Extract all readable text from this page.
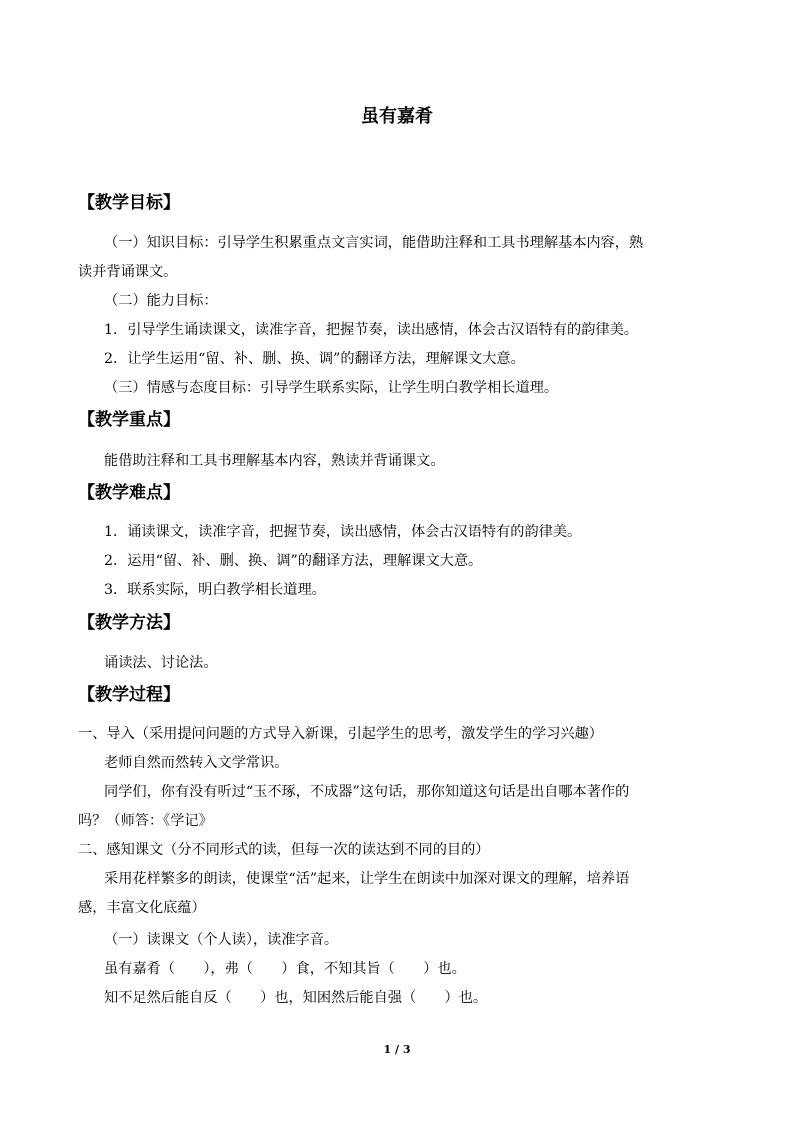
虽有嘉肴
【教学目标】
（一）知识目标：引导学生积累重点文言实词，能借助注释和工具书理解基本内容，熟
读并背诵课文。
（二）能力目标：
1．引导学生诵读课文，读准字音，把握节奏，读出感情，体会古汉语特有的韵律美。
2．让学生运用“留、补、删、换、调”的翻译方法，理解课文大意。
（三）情感与态度目标：引导学生联系实际，让学生明白教学相长道理。
【教学重点】
能借助注释和工具书理解基本内容，熟读并背诵课文。
【教学难点】
1．诵读课文，读准字音，把握节奏，读出感情，体会古汉语特有的韵律美。
2．运用“留、补、删、换、调”的翻译方法，理解课文大意。
3．联系实际，明白教学相长道理。
【教学方法】
诵读法、讨论法。
【教学过程】
一、导入（采用提问问题的方式导入新课，引起学生的思考，激发学生的学习兴趣）
老师自然而然转入文学常识。
同学们，你有没有听过“玉不琢，不成器”这句话，那你知道这句话是出自哪本著作的
吗？（师答：《学记》
二、感知课文（分不同形式的读，但每一次的读达到不同的目的）
采用花样繁多的朗读，使课堂“活”起来，让学生在朗读中加深对课文的理解，培养语
感，丰富文化底蕴）
（一）读课文（个人读），读准字音。
虽有嘉肴（　　），弗（　　）食，不知其旨（　　）也。
知不足然后能自反（　　）也，知困然后能自强（　　）也。
1 / 3
